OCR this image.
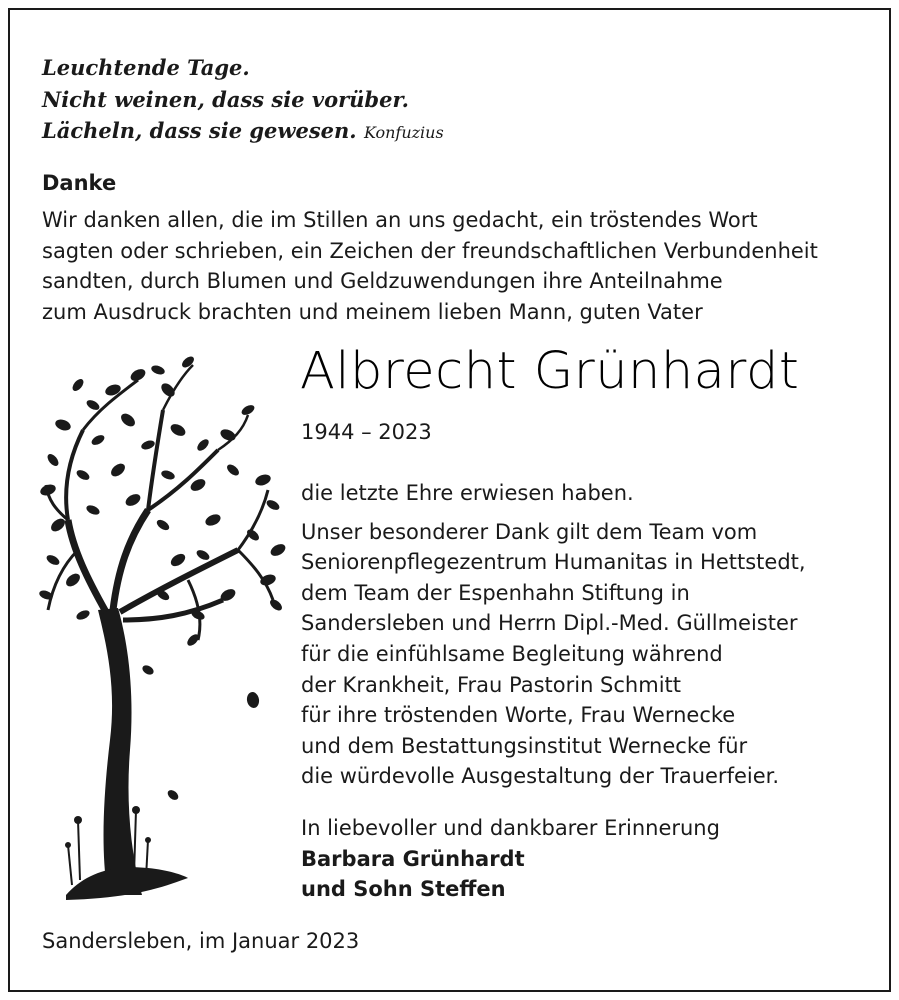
Leuchtende Tage.
Nicht weinen, dass sie vorüber.
Lächeln, dass sie gewesen. Konfuzius
Danke
Wir danken allen, die im Stillen an uns gedacht, ein tröstendes Wort
sagten oder schrieben, ein Zeichen der freundschaftlichen Verbundenheit
sandten, durch Blumen und Geldzuwendungen ihre Anteilnahme
zum Ausdruck brachten und meinem lieben Mann, guten Vater
Albrecht Grünhardt
1944 – 2023
die letzte Ehre erwiesen haben.
Unser besonderer Dank gilt dem Team vom
Seniorenpflegezentrum Humanitas in Hettstedt,
dem Team der Espenhahn Stiftung in
Sandersleben und Herrn Dipl.-Med. Güllmeister
für die einfühlsame Begleitung während
der Krankheit, Frau Pastorin Schmitt
für ihre tröstenden Worte, Frau Wernecke
und dem Bestattungsinstitut Wernecke für
die würdevolle Ausgestaltung der Trauerfeier.
In liebevoller und dankbarer Erinnerung
Barbara Grünhardt
und Sohn Steffen
Sandersleben, im Januar 2023
